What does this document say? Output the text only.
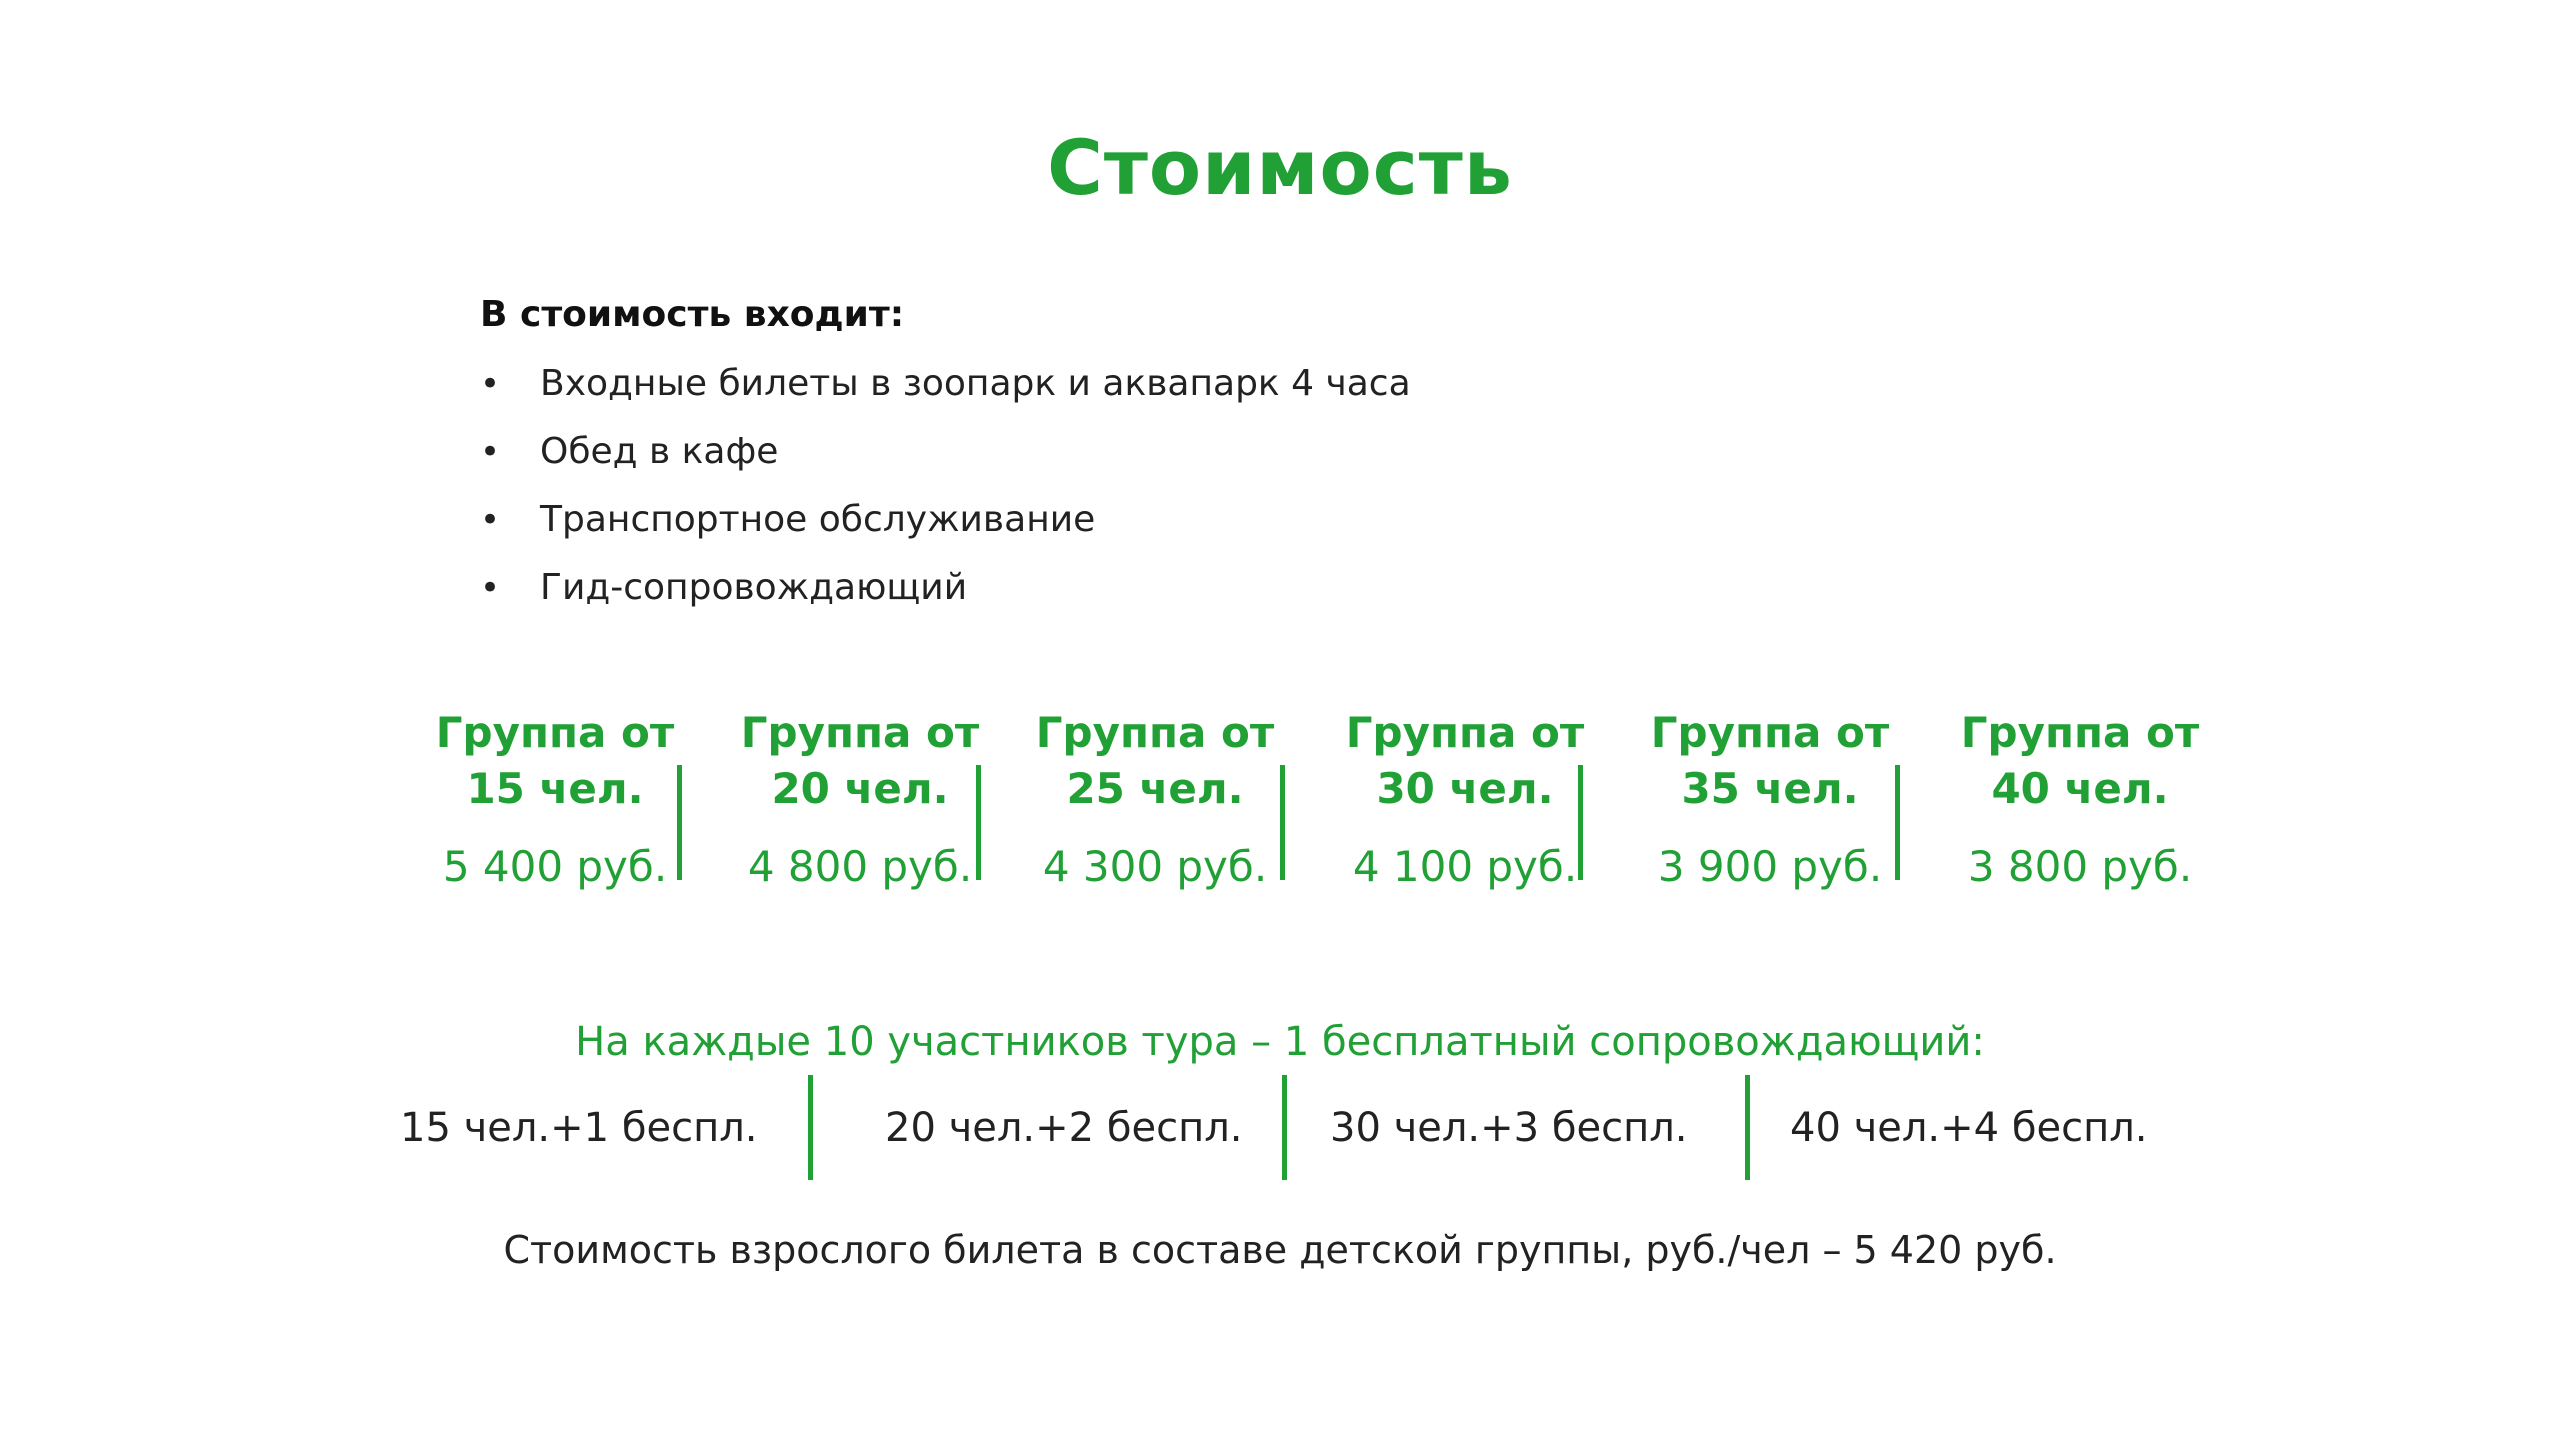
Стоимость
В стоимость входит:
• Входные билеты в зоопарк и аквапарк 4 часа
• Обед в кафе
• Транспортное обслуживание
• Гид-сопровождающий
Группа от
15 чел.
5 400 руб.
Группа от
20 чел.
4 800 руб.
Группа от
25 чел.
4 300 руб.
Группа от
30 чел.
4 100 руб.
Группа от
35 чел.
3 900 руб.
Группа от
40 чел.
3 800 руб.
На каждые 10 участников тура – 1 бесплатный сопровождающий:
15 чел.+1 беспл.	20 чел.+2 беспл. 30 чел.+3 беспл.	40 чел.+4 беспл.
Стоимость взрослого билета в составе детской группы, руб./чел – 5 420 руб.
